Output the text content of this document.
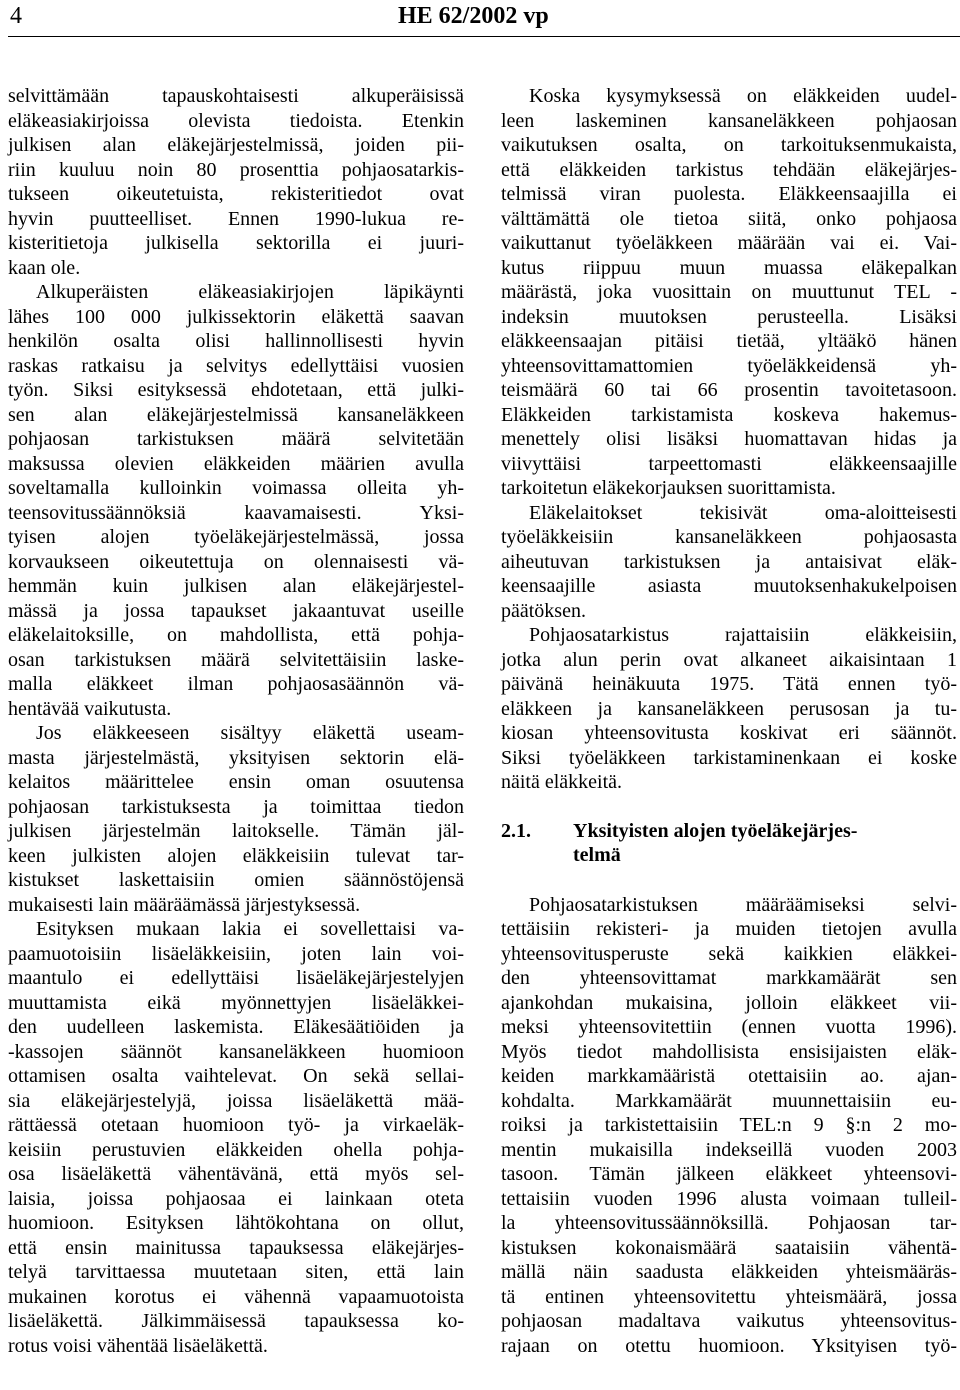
4	HE 62/2002 vp
selvittämään tapauskohtaisesti alkuperäisissä
eläkeasiakirjoissa olevista tiedoista. Etenkin
julkisen alan eläkejärjestelmissä, joiden pii-
riin kuuluu noin 80 prosenttia pohjaosatarkis-
tukseen oikeutetuista, rekisteritiedot ovat
hyvin puutteelliset. Ennen 1990-lukua re-
kisteritietoja julkisella sektorilla ei juuri-
kaan ole.
Alkuperäisten eläkeasiakirjojen läpikäynti
lähes 100 000 julkissektorin eläkettä saavan
henkilön osalta olisi hallinnollisesti hyvin
raskas ratkaisu ja selvitys edellyttäisi vuosien
työn. Siksi esityksessä ehdotetaan, että julki-
sen alan eläkejärjestelmissä kansaneläkkeen
pohjaosan tarkistuksen määrä selvitetään
maksussa olevien eläkkeiden määrien avulla
soveltamalla kulloinkin voimassa olleita yh-
teensovitussäännöksiä kaavamaisesti. Yksi-
tyisen alojen työeläkejärjestelmässä, jossa
korvaukseen oikeutettuja on olennaisesti vä-
hemmän kuin julkisen alan eläkejärjestel-
mässä ja jossa tapaukset jakaantuvat useille
eläkelaitoksille, on mahdollista, että pohja-
osan tarkistuksen määrä selvitettäisiin laske-
malla eläkkeet ilman pohjaosasäännön vä-
hentävää vaikutusta.
Jos eläkkeeseen sisältyy eläkettä useam-
masta järjestelmästä, yksityisen sektorin elä-
kelaitos määrittelee ensin oman osuutensa
pohjaosan tarkistuksesta ja toimittaa tiedon
julkisen järjestelmän laitokselle. Tämän jäl-
keen julkisten alojen eläkkeisiin tulevat tar-
kistukset laskettaisiin omien säännöstöjensä
mukaisesti lain määräämässä järjestyksessä.
Esityksen mukaan lakia ei sovellettaisi va-
paamuotoisiin lisäeläkkeisiin, joten lain voi-
maantulo ei edellyttäisi lisäeläkejärjestelyjen
muuttamista eikä myönnettyjen lisäeläkkei-
den uudelleen laskemista. Eläkesäätiöiden ja
-kassojen säännöt kansaneläkkeen huomioon
ottamisen osalta vaihtelevat. On sekä sellai-
sia eläkejärjestelyjä, joissa lisäeläkettä mää-
rättäessä otetaan huomioon työ- ja virkaeläk-
keisiin perustuvien eläkkeiden ohella pohja-
osa lisäeläkettä vähentävänä, että myös sel-
laisia, joissa pohjaosaa ei lainkaan oteta
huomioon. Esityksen lähtökohtana on ollut,
että ensin mainitussa tapauksessa eläkejärjes-
telyä tarvittaessa muutetaan siten, että lain
mukainen korotus ei vähennä vapaamuotoista
lisäeläkettä. Jälkimmäisessä tapauksessa ko-
rotus voisi vähentää lisäeläkettä.
Koska kysymyksessä on eläkkeiden uudel-
leen laskeminen kansaneläkkeen pohjaosan
vaikutuksen osalta, on tarkoituksenmukaista,
että eläkkeiden tarkistus tehdään eläkejärjes-
telmissä viran puolesta. Eläkkeensaajilla ei
välttämättä ole tietoa siitä, onko pohjaosa
vaikuttanut työeläkkeen määrään vai ei. Vai-
kutus riippuu muun muassa eläkepalkan
määrästä, joka vuosittain on muuttunut TEL -
indeksin muutoksen perusteella. Lisäksi
eläkkeensaajan pitäisi tietää, yltääkö hänen
yhteensovittamattomien työeläkkeidensä yh-
teismäärä 60 tai 66 prosentin tavoitetasoon.
Eläkkeiden tarkistamista koskeva hakemus-
menettely olisi lisäksi huomattavan hidas ja
viivyttäisi tarpeettomasti eläkkeensaajille
tarkoitetun eläkekorjauksen suorittamista.
Eläkelaitokset tekisivät oma-aloitteisesti
työeläkkeisiin kansaneläkkeen pohjaosasta
aiheutuvan tarkistuksen ja antaisivat eläk-
keensaajille asiasta muutoksenhakukelpoisen
päätöksen.
Pohjaosatarkistus rajattaisiin eläkkeisiin,
jotka alun perin ovat alkaneet aikaisintaan 1
päivänä heinäkuuta 1975. Tätä ennen työ-
eläkkeen ja kansaneläkkeen perusosan ja tu-
kiosan yhteensovitusta koskivat eri säännöt.
Siksi työeläkkeen tarkistaminenkaan ei koske
näitä eläkkeitä.
2.1. Yksityisten alojen työeläkejärjes-
telmä
Pohjaosatarkistuksen määräämiseksi selvi-
tettäisiin rekisteri- ja muiden tietojen avulla
yhteensovitusperuste sekä kaikkien eläkkei-
den yhteensovittamat markkamäärät sen
ajankohdan mukaisina, jolloin eläkkeet vii-
meksi yhteensovitettiin (ennen vuotta 1996).
Myös tiedot mahdollisista ensisijaisten eläk-
keiden markkamääristä otettaisiin ao. ajan-
kohdalta. Markkamäärät muunnettaisiin eu-
roiksi ja tarkistettaisiin TEL:n 9 §:n 2 mo-
mentin mukaisilla indekseillä vuoden 2003
tasoon. Tämän jälkeen eläkkeet yhteensovi-
tettaisiin vuoden 1996 alusta voimaan tulleil-
la yhteensovitussäännöksillä. Pohjaosan tar-
kistuksen kokonaismäärä saataisiin vähentä-
mällä näin saadusta eläkkeiden yhteismääräs-
tä entinen yhteensovitettu yhteismäärä, jossa
pohjaosan madaltava vaikutus yhteensovitus-
rajaan on otettu huomioon. Yksityisen työ-
